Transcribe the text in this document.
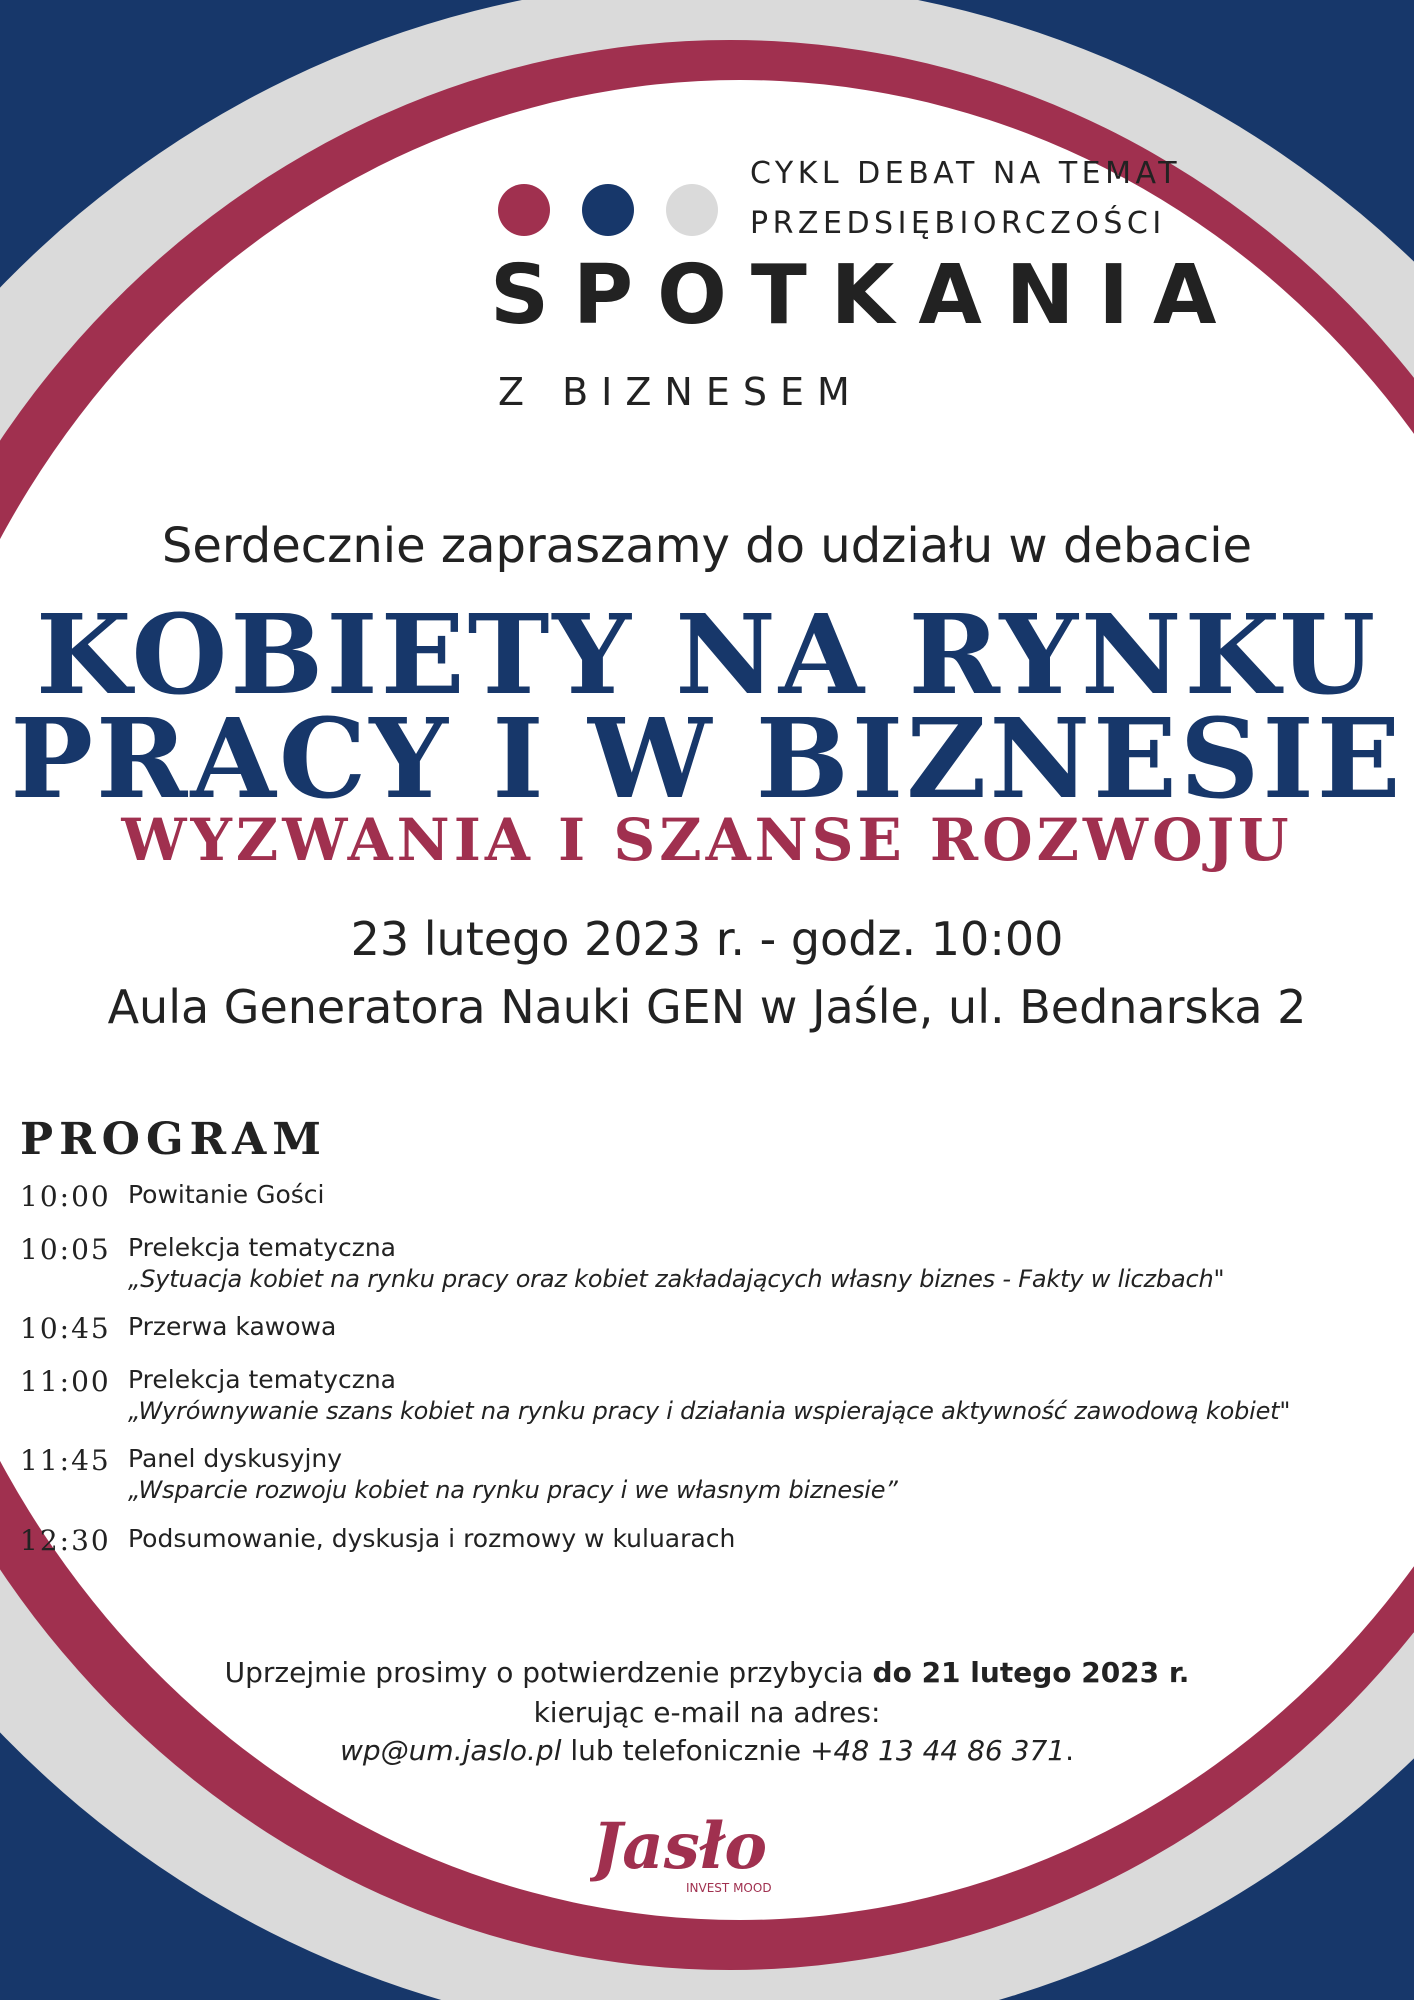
CYKL DEBAT NA TEMAT
PRZEDSIĘBIORCZOŚCI
SPOTKANIA
Z BIZNESEM
Serdecznie zapraszamy do udziału w debacie
KOBIETY NA RYNKU
PRACY I W BIZNESIE
WYZWANIA I SZANSE ROZWOJU
23 lutego 2023 r. - godz. 10:00
Aula Generatora Nauki GEN w Jaśle, ul. Bednarska 2
PROGRAM
10:00 Powitanie Gości
10:05 Prelekcja tematyczna
„Sytuacja kobiet na rynku pracy oraz kobiet zakładających własny biznes - Fakty w liczbach"
10:45 Przerwa kawowa
11:00 Prelekcja tematyczna
„Wyrównywanie szans kobiet na rynku pracy i działania wspierające aktywność zawodową kobiet"
11:45 Panel dyskusyjny
„Wsparcie rozwoju kobiet na rynku pracy i we własnym biznesie”
12:30 Podsumowanie, dyskusja i rozmowy w kuluarach
Uprzejmie prosimy o potwierdzenie przybycia do 21 lutego 2023 r.
kierując e-mail na adres:
wp@um.jaslo.pl lub telefonicznie +48 13 44 86 371.
Jasło
INVEST MOOD
